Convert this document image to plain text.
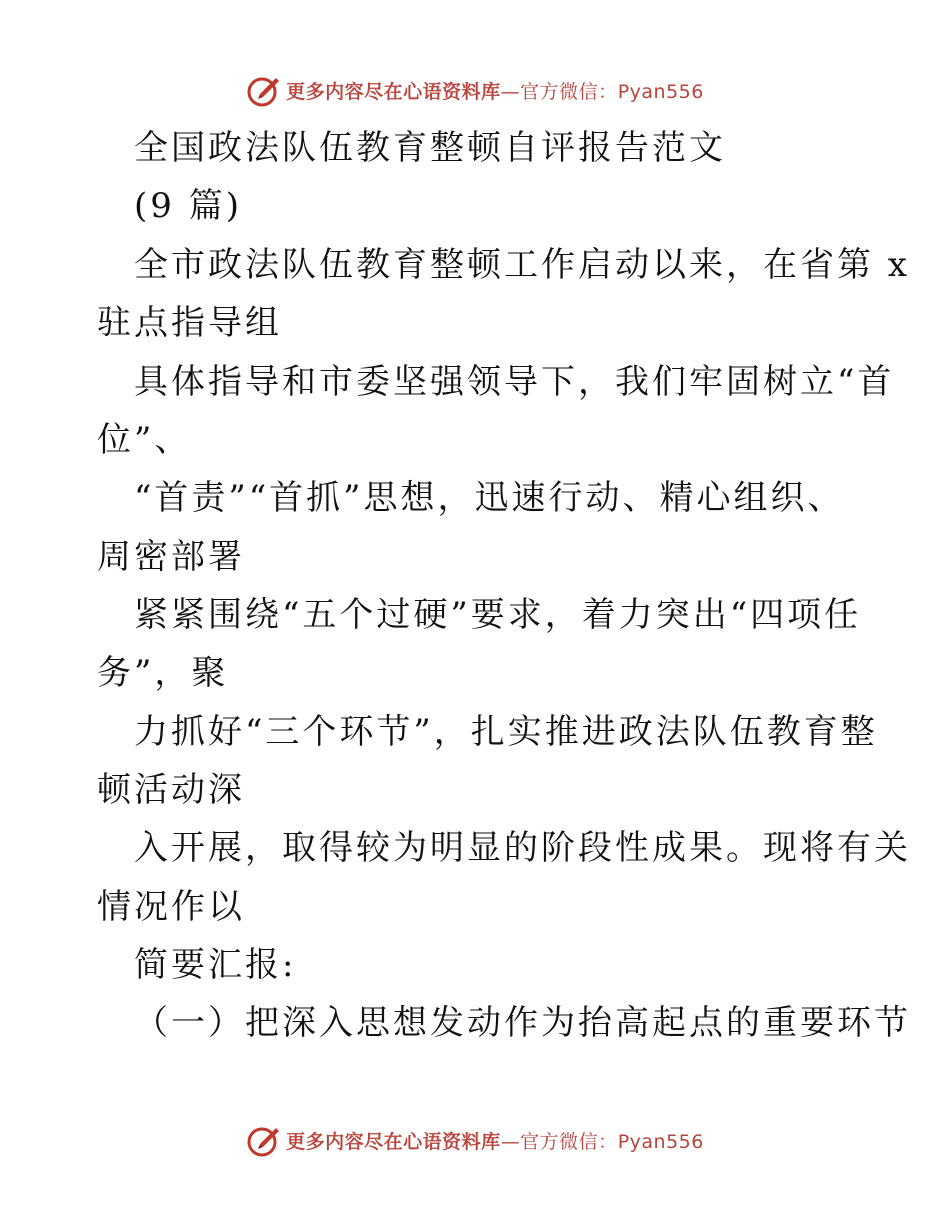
更多内容尽在心语资料库—官方微信：Pyan556
全国政法队伍教育整顿自评报告范文
(9 篇)
全市政法队伍教育整顿工作启动以来，在省第 x
驻点指导组
具体指导和市委坚强领导下，我们牢固树立“首
位”、
“首责”“首抓”思想，迅速行动、精心组织、
周密部署
紧紧围绕“五个过硬”要求，着力突出“四项任
务”，聚
力抓好“三个环节”，扎实推进政法队伍教育整
顿活动深
入开展，取得较为明显的阶段性成果。现将有关
情况作以
简要汇报:
（一）把深入思想发动作为抬高起点的重要环节
更多内容尽在心语资料库—官方微信：Pyan556
